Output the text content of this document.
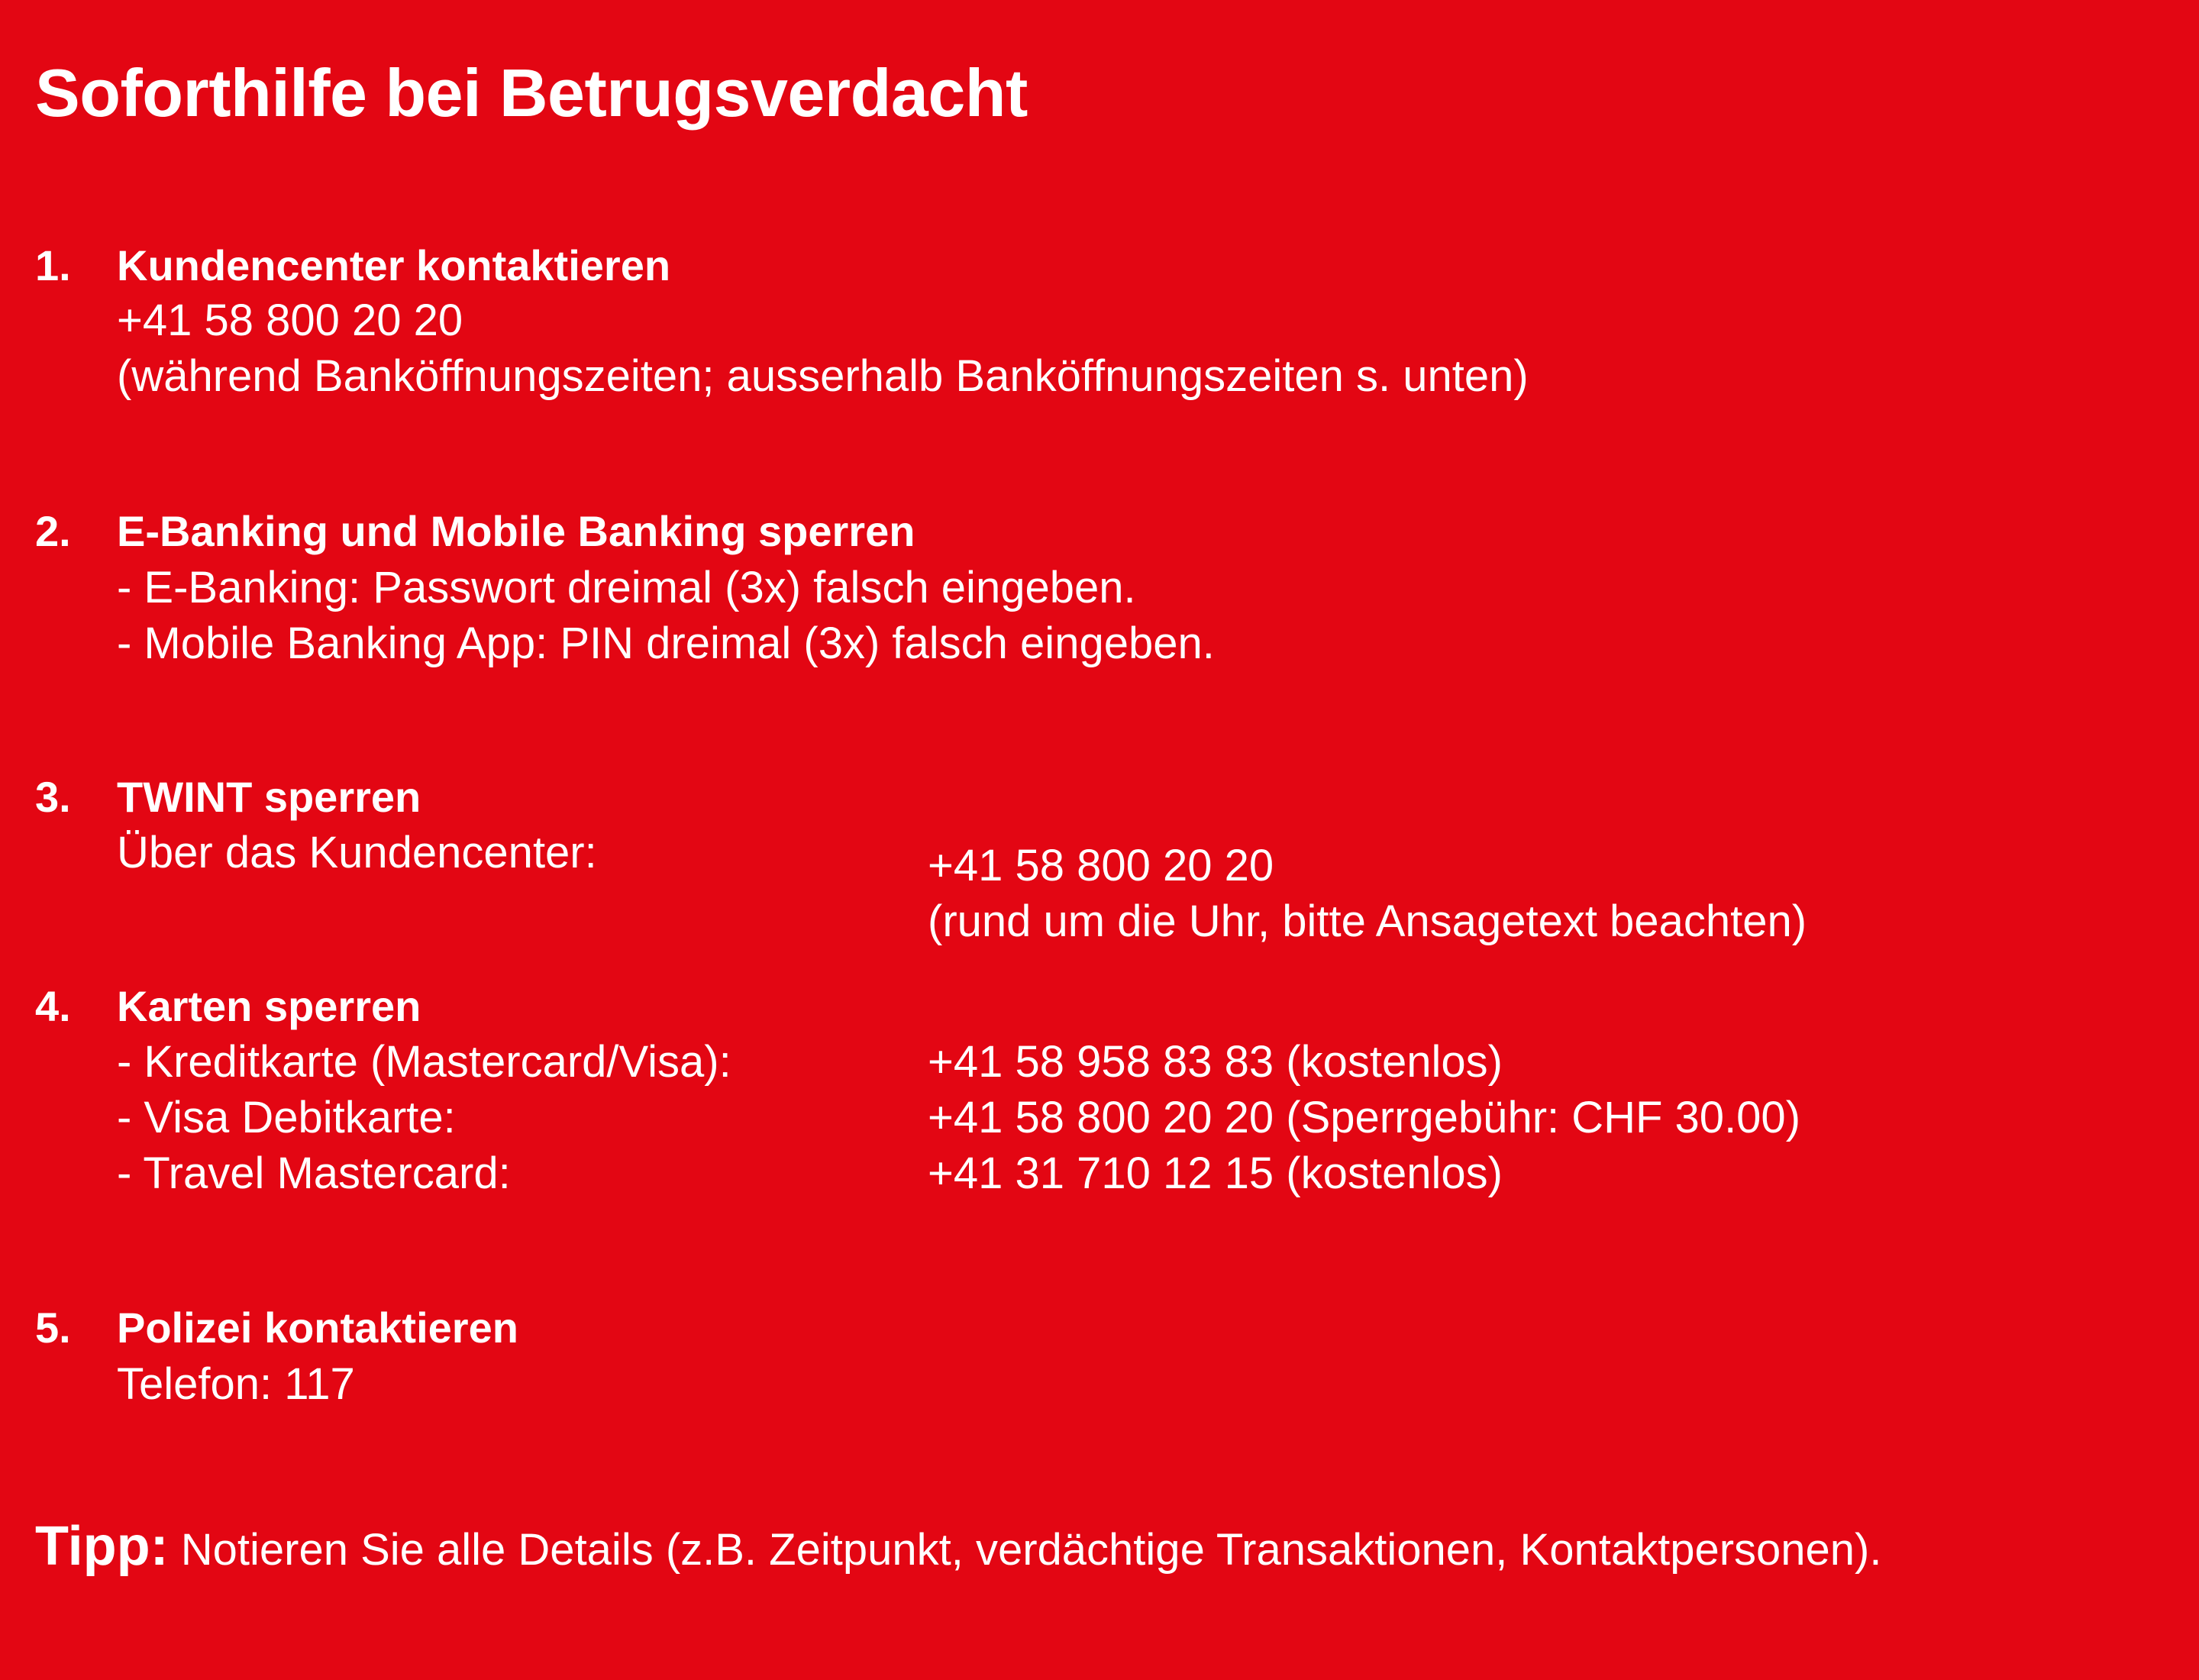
Soforthilfe bei Betrugsverdacht
1. Kundencenter kontaktieren
+41 58 800 20 20
(während Banköffnungszeiten; ausserhalb Banköffnungszeiten s. unten)
2. E-Banking und Mobile Banking sperren
- E-Banking: Passwort dreimal (3x) falsch eingeben.
- Mobile Banking App: PIN dreimal (3x) falsch eingeben.
3. TWINT sperren
Über das Kundencenter:	+41 58 800 20 20
(rund um die Uhr, bitte Ansagetext beachten)
4. Karten sperren
- Kreditkarte (Mastercard/Visa):	+41 58 958 83 83 (kostenlos)
- Visa Debitkarte:	+41 58 800 20 20 (Sperrgebühr: CHF 30.00)
- Travel Mastercard:	+41 31 710 12 15 (kostenlos)
5. Polizei kontaktieren
Telefon: 117
Tipp: Notieren Sie alle Details (z.B. Zeitpunkt, verdächtige Transaktionen, Kontaktpersonen).
